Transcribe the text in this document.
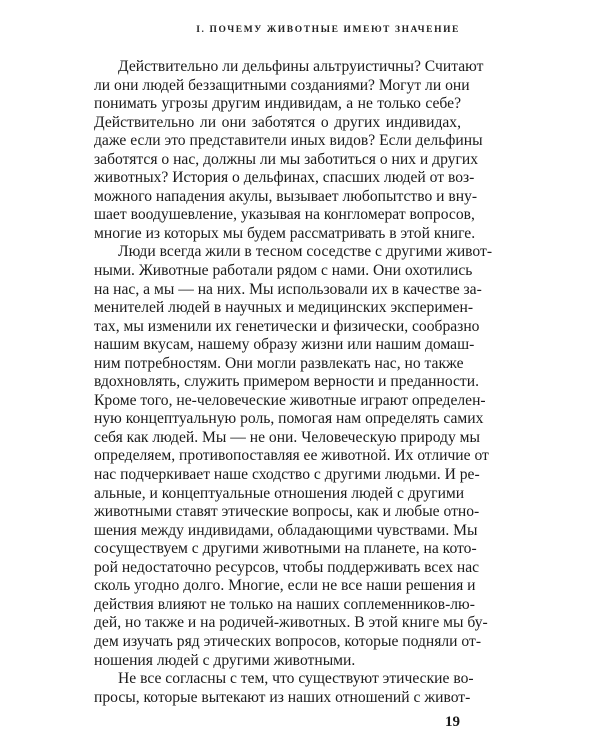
I. ПОЧЕМУ ЖИВОТНЫЕ ИМЕЮТ ЗНАЧЕНИЕ
Действительно ли дельфины альтруистичны? Считают
ли они людей беззащитными созданиями? Могут ли они
понимать угрозы другим индивидам, а не только себе?
Действительно ли они заботятся о других индивидах,
даже если это представители иных видов? Если дельфины
заботятся о нас, должны ли мы заботиться о них и других
животных? История о дельфинах, спасших людей от воз-
можного нападения акулы, вызывает любопытство и вну-
шает воодушевление, указывая на конгломерат вопросов,
многие из которых мы будем рассматривать в этой книге.
Люди всегда жили в тесном соседстве с другими живот-
ными. Животные работали рядом с нами. Они охотились
на нас, а мы — на них. Мы использовали их в качестве за-
менителей людей в научных и медицинских эксперимен-
тах, мы изменили их генетически и физически, сообразно
нашим вкусам, нашему образу жизни или нашим домаш-
ним потребностям. Они могли развлекать нас, но также
вдохновлять, служить примером верности и преданности.
Кроме того, не-человеческие животные играют определен-
ную концептуальную роль, помогая нам определять самих
себя как людей. Мы — не они. Человеческую природу мы
определяем, противопоставляя ее животной. Их отличие от
нас подчеркивает наше сходство с другими людьми. И ре-
альные, и концептуальные отношения людей с другими
животными ставят этические вопросы, как и любые отно-
шения между индивидами, обладающими чувствами. Мы
сосуществуем с другими животными на планете, на кото-
рой недостаточно ресурсов, чтобы поддерживать всех нас
сколь угодно долго. Многие, если не все наши решения и
действия влияют не только на наших соплеменников-лю-
дей, но также и на родичей-животных. В этой книге мы бу-
дем изучать ряд этических вопросов, которые подняли от-
ношения людей с другими животными.
Не все согласны с тем, что существуют этические во-
просы, которые вытекают из наших отношений с живот-
19
